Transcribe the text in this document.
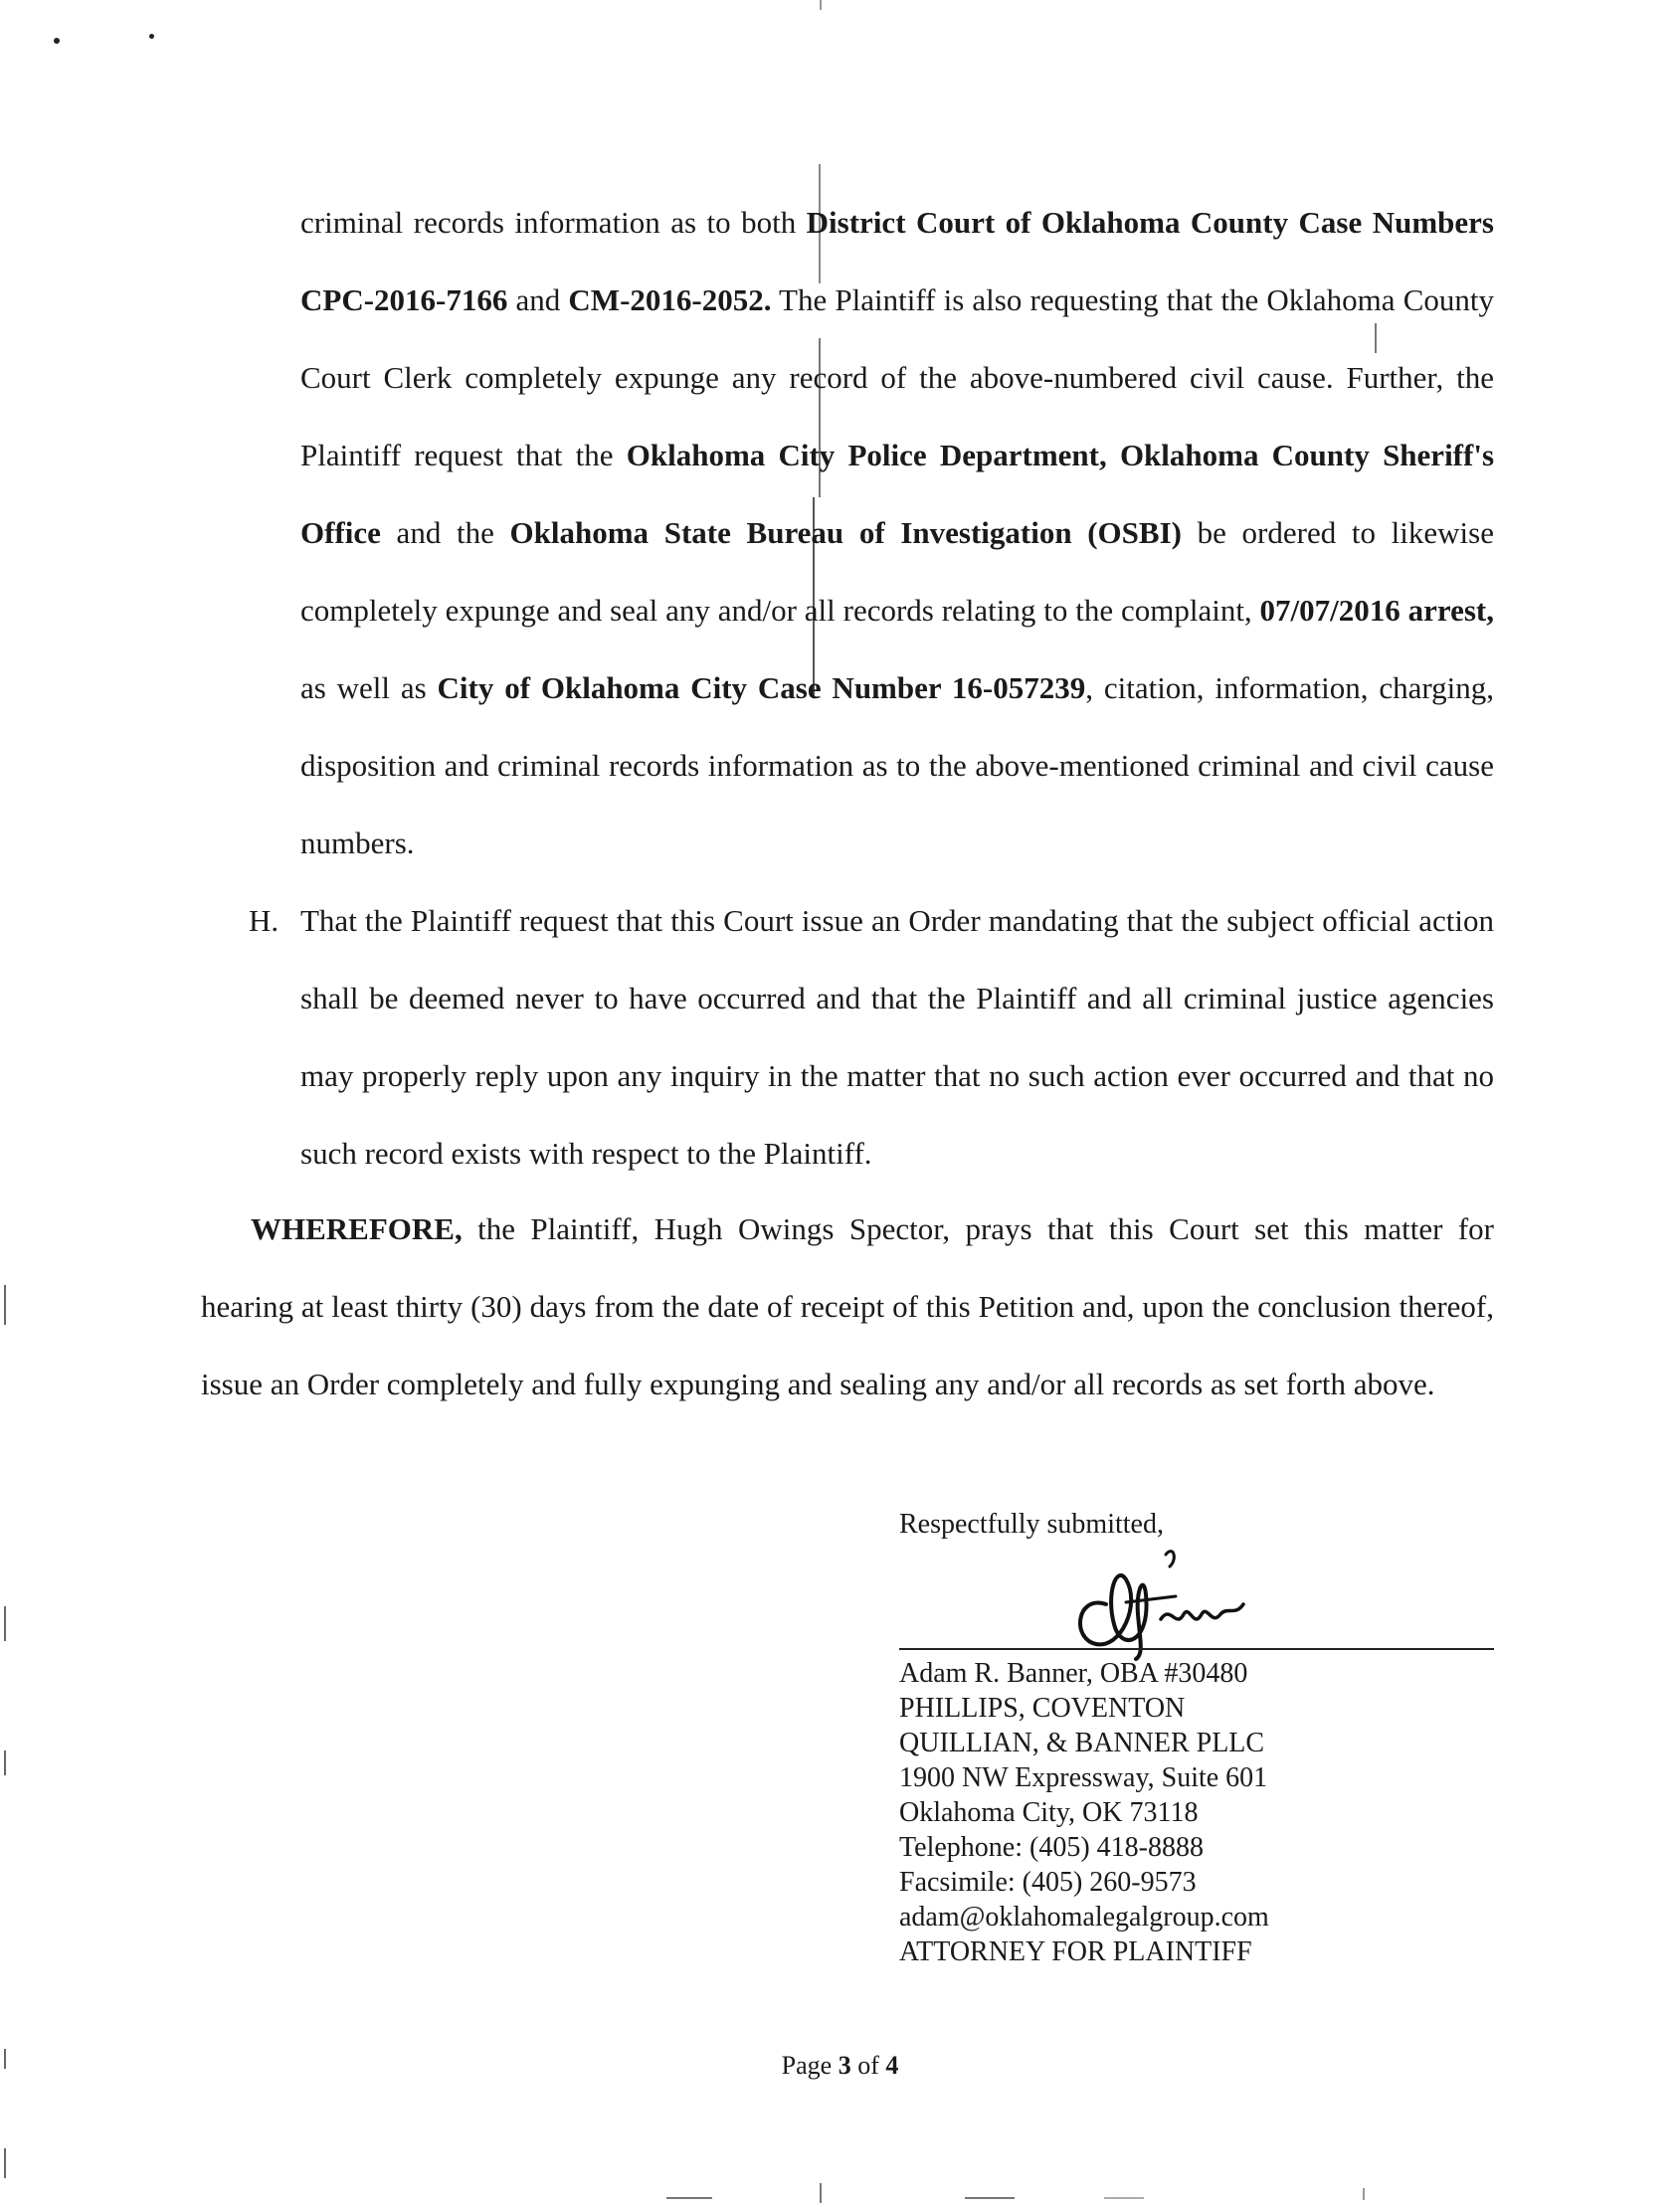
criminal records information as to both District Court of Oklahoma County Case Numbers CPC-2016-7166 and CM-2016-2052. The Plaintiff is also requesting that the Oklahoma County Court Clerk completely expunge any record of the above-numbered civil cause. Further, the Plaintiff request that the Oklahoma City Police Department, Oklahoma County Sheriff's Office and the Oklahoma State Bureau of Investigation (OSBI) be ordered to likewise completely expunge and seal any and/or all records relating to the complaint, 07/07/2016 arrest, as well as City of Oklahoma City Case Number 16-057239, citation, information, charging, disposition and criminal records information as to the above-mentioned criminal and civil cause numbers.
H. That the Plaintiff request that this Court issue an Order mandating that the subject official action shall be deemed never to have occurred and that the Plaintiff and all criminal justice agencies may properly reply upon any inquiry in the matter that no such action ever occurred and that no such record exists with respect to the Plaintiff.
WHEREFORE, the Plaintiff, Hugh Owings Spector, prays that this Court set this matter for hearing at least thirty (30) days from the date of receipt of this Petition and, upon the conclusion thereof, issue an Order completely and fully expunging and sealing any and/or all records as set forth above.
Respectfully submitted,
Adam R. Banner, OBA #30480
PHILLIPS, COVENTON
QUILLIAN, & BANNER PLLC
1900 NW Expressway, Suite 601
Oklahoma City, OK 73118
Telephone: (405) 418-8888
Facsimile: (405) 260-9573
adam@oklahomalegalgroup.com
ATTORNEY FOR PLAINTIFF
Page 3 of 4
